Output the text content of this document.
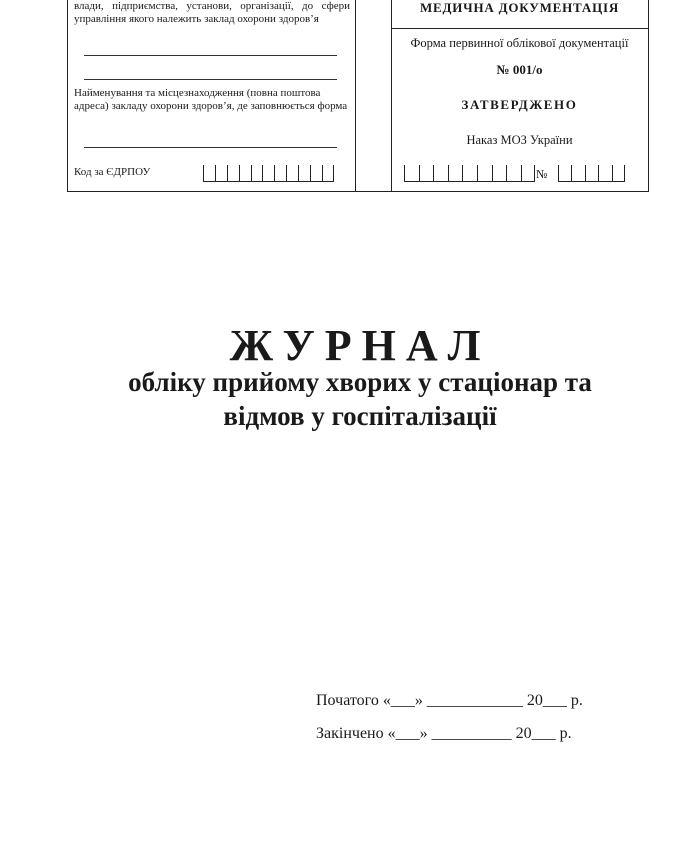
влади, підприємства, установи, організації, до сфери управління якого належить заклад охорони здоров’я
Найменування та місцезнаходження (повна поштова адреса) закладу охорони здоров’я, де заповнюється форма
Код за ЄДРПОУ
МЕДИЧНА ДОКУМЕНТАЦІЯ
Форма первинної облікової документації
№ 001/о
ЗАТВЕРДЖЕНО
Наказ МОЗ України
№
ЖУРНАЛ
обліку прийому хворих у стаціонар та
відмов у госпіталізації
Початого «___» ____________ 20___ р.
Закінчено «___» __________ 20___ р.
